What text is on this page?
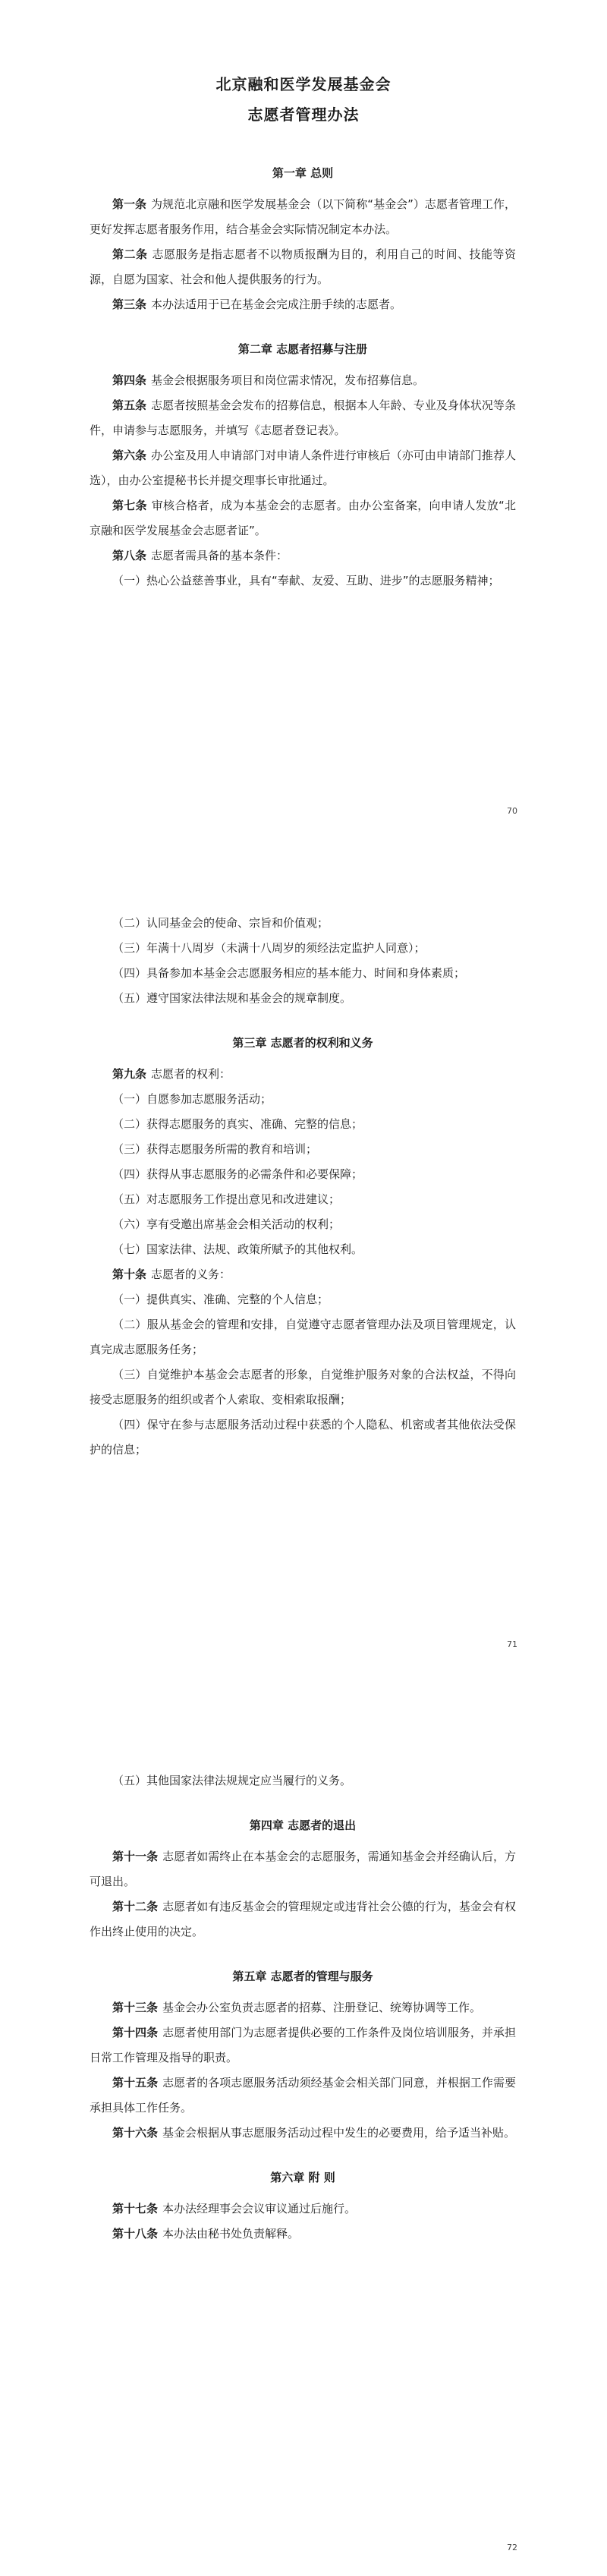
北京融和医学发展基金会
志愿者管理办法

第一章 总则

第一条 为规范北京融和医学发展基金会（以下简称“基金会”）志愿者管理工作，更好发挥志愿者服务作用，结合基金会实际情况制定本办法。

第二条 志愿服务是指志愿者不以物质报酬为目的，利用自己的时间、技能等资源，自愿为国家、社会和他人提供服务的行为。

第三条 本办法适用于已在基金会完成注册手续的志愿者。

第二章 志愿者招募与注册

第四条 基金会根据服务项目和岗位需求情况，发布招募信息。

第五条 志愿者按照基金会发布的招募信息，根据本人年龄、专业及身体状况等条件，申请参与志愿服务，并填写《志愿者登记表》。

第六条 办公室及用人申请部门对申请人条件进行审核后（亦可由申请部门推荐人选），由办公室提秘书长并提交理事长审批通过。

第七条 审核合格者，成为本基金会的志愿者。由办公室备案，向申请人发放“北京融和医学发展基金会志愿者证”。

第八条 志愿者需具备的基本条件：

（一）热心公益慈善事业，具有“奉献、友爱、互助、进步”的志愿服务精神；

70

（二）认同基金会的使命、宗旨和价值观；

（三）年满十八周岁（未满十八周岁的须经法定监护人同意）；

（四）具备参加本基金会志愿服务相应的基本能力、时间和身体素质；

（五）遵守国家法律法规和基金会的规章制度。

第三章 志愿者的权利和义务

第九条 志愿者的权利：

（一）自愿参加志愿服务活动；

（二）获得志愿服务的真实、准确、完整的信息；

（三）获得志愿服务所需的教育和培训；

（四）获得从事志愿服务的必需条件和必要保障；

（五）对志愿服务工作提出意见和改进建议；

（六）享有受邀出席基金会相关活动的权利；

（七）国家法律、法规、政策所赋予的其他权利。

第十条 志愿者的义务：

（一）提供真实、准确、完整的个人信息；

（二）服从基金会的管理和安排，自觉遵守志愿者管理办法及项目管理规定，认真完成志愿服务任务；

（三）自觉维护本基金会志愿者的形象，自觉维护服务对象的合法权益，不得向接受志愿服务的组织或者个人索取、变相索取报酬；

（四）保守在参与志愿服务活动过程中获悉的个人隐私、机密或者其他依法受保护的信息；

71

（五）其他国家法律法规规定应当履行的义务。

第四章 志愿者的退出

第十一条 志愿者如需终止在本基金会的志愿服务，需通知基金会并经确认后，方可退出。

第十二条 志愿者如有违反基金会的管理规定或违背社会公德的行为，基金会有权作出终止使用的决定。

第五章 志愿者的管理与服务

第十三条 基金会办公室负责志愿者的招募、注册登记、统筹协调等工作。

第十四条 志愿者使用部门为志愿者提供必要的工作条件及岗位培训服务，并承担日常工作管理及指导的职责。

第十五条 志愿者的各项志愿服务活动须经基金会相关部门同意，并根据工作需要承担具体工作任务。

第十六条 基金会根据从事志愿服务活动过程中发生的必要费用，给予适当补贴。

第六章 附 则

第十七条 本办法经理事会会议审议通过后施行。

第十八条 本办法由秘书处负责解释。

72
